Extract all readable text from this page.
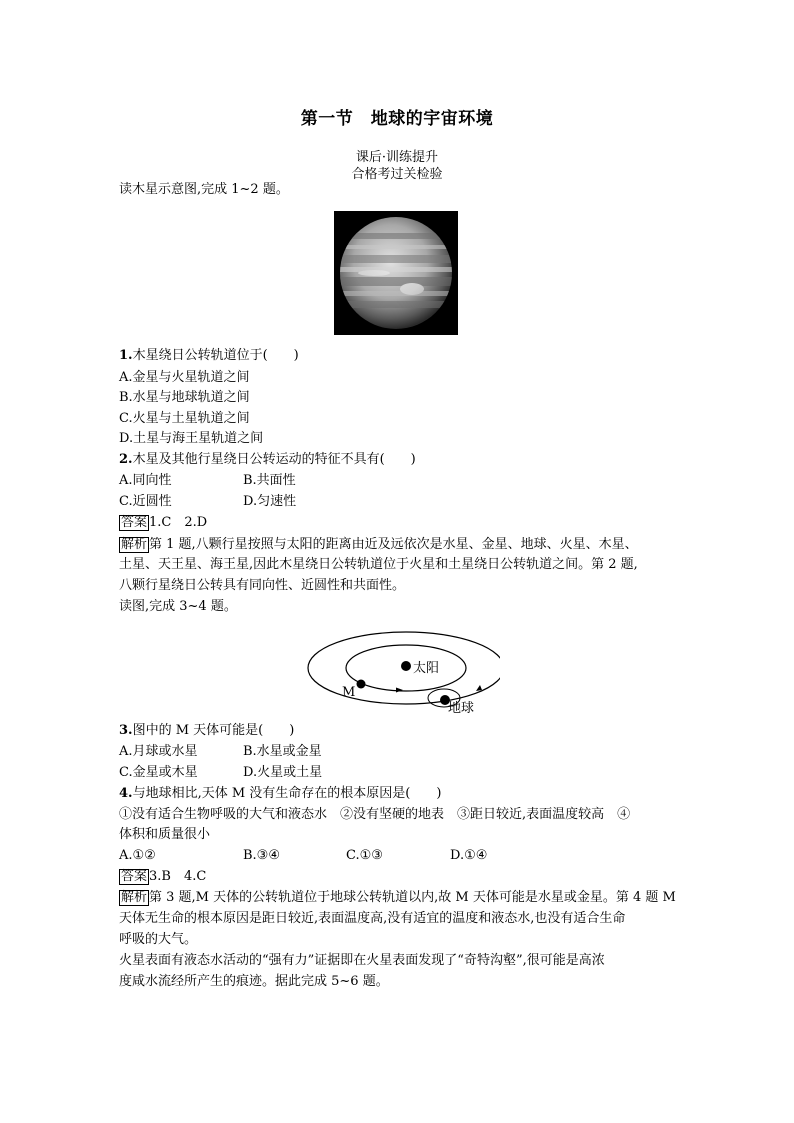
第一节　地球的宇宙环境
课后·训练提升
合格考过关检验
读木星示意图,完成 1~2 题。
1.木星绕日公转轨道位于(　　)
A.金星与火星轨道之间
B.水星与地球轨道之间
C.火星与土星轨道之间
D.土星与海王星轨道之间
2.木星及其他行星绕日公转运动的特征不具有(　　)
A.同向性	B.共面性
C.近圆性	D.匀速性
答案 1.C　2.D
解析 第 1 题,八颗行星按照与太阳的距离由近及远依次是水星、金星、地球、火星、木星、
土星、天王星、海王星,因此木星绕日公转轨道位于火星和土星绕日公转轨道之间。第 2 题,
八颗行星绕日公转具有同向性、近圆性和共面性。
读图,完成 3~4 题。
太阳
M
地球
3.图中的 M 天体可能是(　　)
A.月球或水星	B.水星或金星
C.金星或木星	D.火星或土星
4.与地球相比,天体 M 没有生命存在的根本原因是(　　)
①没有适合生物呼吸的大气和液态水　②没有坚硬的地表　③距日较近,表面温度较高　④
体积和质量很小
A.①②	B.③④	C.①③	D.①④
答案 3.B　4.C
解析 第 3 题,M 天体的公转轨道位于地球公转轨道以内,故 M 天体可能是水星或金星。第 4 题 M
天体无生命的根本原因是距日较近,表面温度高,没有适宜的温度和液态水,也没有适合生命
呼吸的大气。
火星表面有液态水活动的“强有力”证据即在火星表面发现了“奇特沟壑”,很可能是高浓
度咸水流经所产生的痕迹。据此完成 5~6 题。
